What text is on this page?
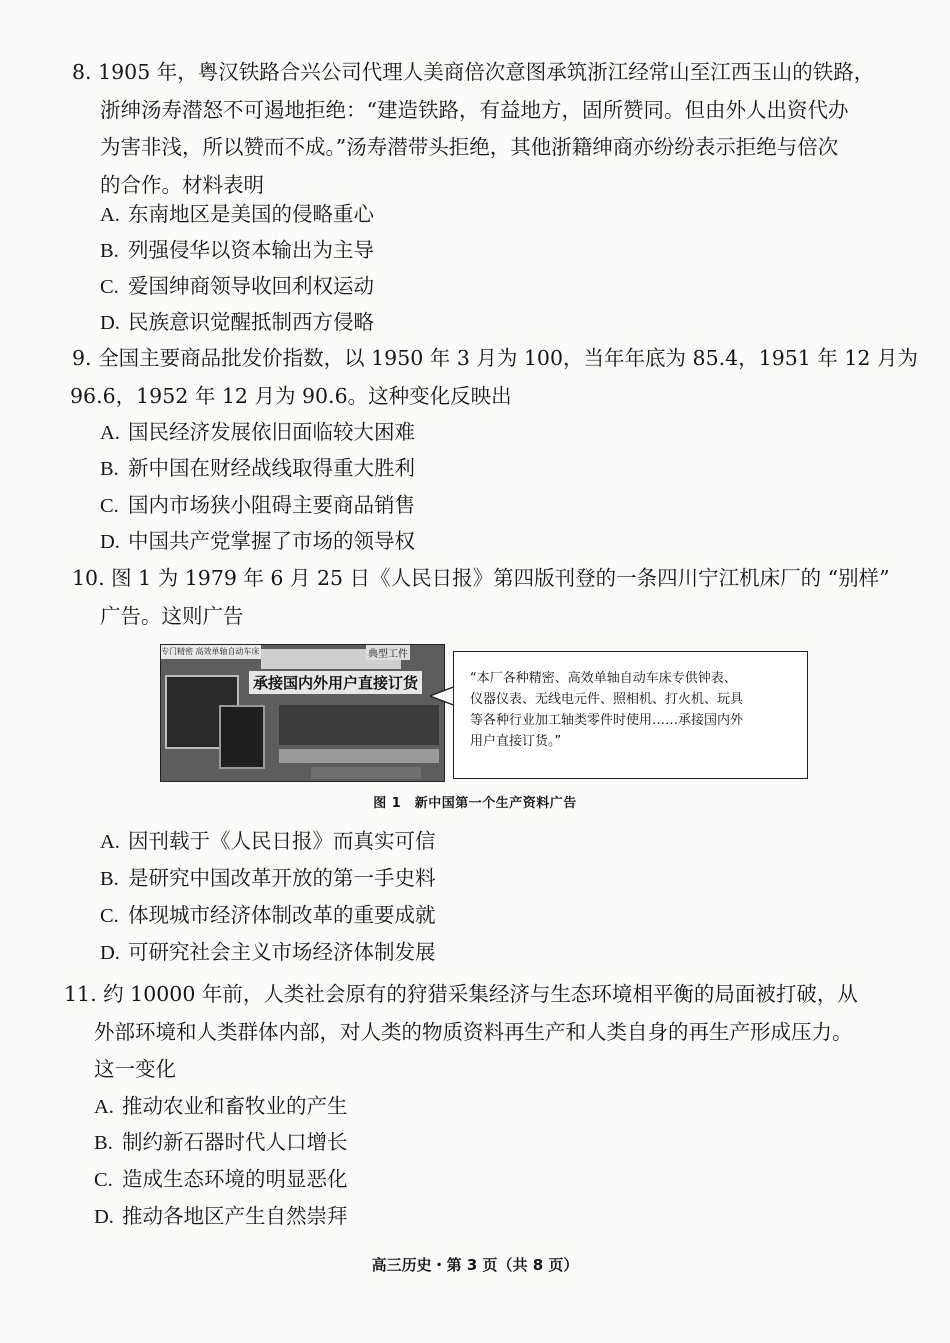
8. 1905 年，粤汉铁路合兴公司代理人美商倍次意图承筑浙江经常山至江西玉山的铁路，
浙绅汤寿潜怒不可遏地拒绝：“建造铁路，有益地方，固所赞同。但由外人出资代办
为害非浅，所以赞而不成。”汤寿潜带头拒绝，其他浙籍绅商亦纷纷表示拒绝与倍次
的合作。材料表明
A. 东南地区是美国的侵略重心
B. 列强侵华以资本输出为主导
C. 爱国绅商领导收回利权运动
D. 民族意识觉醒抵制西方侵略
9. 全国主要商品批发价指数，以 1950 年 3 月为 100，当年年底为 85.4，1951 年 12 月为
96.6，1952 年 12 月为 90.6。这种变化反映出
A. 国民经济发展依旧面临较大困难
B. 新中国在财经战线取得重大胜利
C. 国内市场狭小阻碍主要商品销售
D. 中国共产党掌握了市场的领导权
10. 图 1 为 1979 年 6 月 25 日《人民日报》第四版刊登的一条四川宁江机床厂的 “别样”
广告。这则广告
专门精密 高效单轴自动车床	典型工件
承接国内外用户直接订货	“本厂各种精密、高效单轴自动车床专供钟表、
仪器仪表、无线电元件、照相机、打火机、玩具
等各种行业加工轴类零件时使用……承接国内外
用户直接订货。”
图 1　新中国第一个生产资料广告
A. 因刊载于《人民日报》而真实可信
B. 是研究中国改革开放的第一手史料
C. 体现城市经济体制改革的重要成就
D. 可研究社会主义市场经济体制发展
11. 约 10000 年前，人类社会原有的狩猎采集经济与生态环境相平衡的局面被打破，从
外部环境和人类群体内部，对人类的物质资料再生产和人类自身的再生产形成压力。
这一变化
A. 推动农业和畜牧业的产生
B. 制约新石器时代人口增长
C. 造成生态环境的明显恶化
D. 推动各地区产生自然崇拜
高三历史・第 3 页（共 8 页）
